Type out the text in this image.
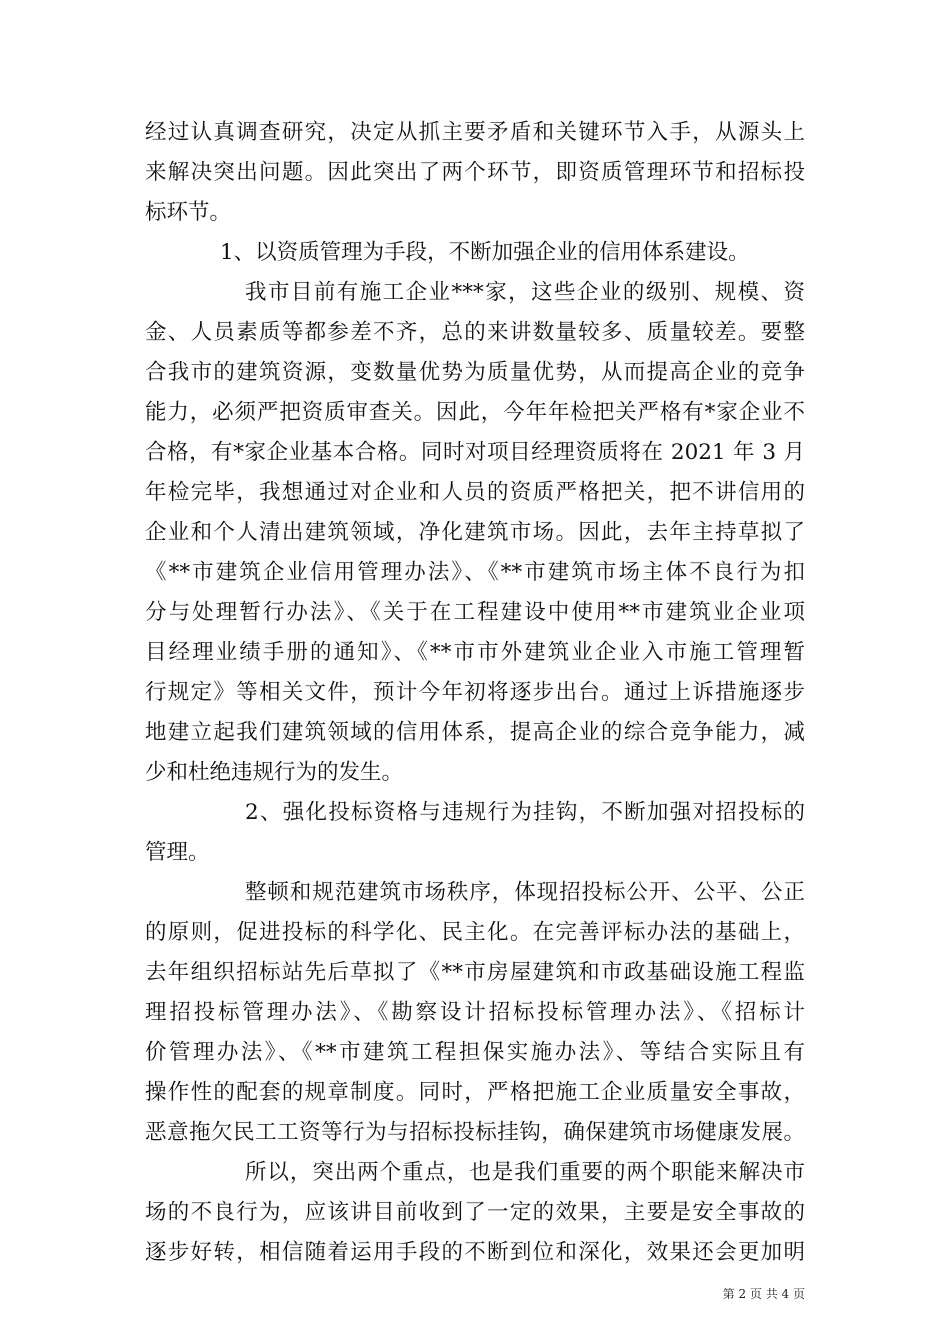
经过认真调查研究，决定从抓主要矛盾和关键环节入手，从源头上
来解决突出问题。因此突出了两个环节，即资质管理环节和招标投
标环节。
1、以资质管理为手段，不断加强企业的信用体系建设。
我市目前有施工企业***家，这些企业的级别、规模、资
金、人员素质等都参差不齐，总的来讲数量较多、质量较差。要整
合我市的建筑资源，变数量优势为质量优势，从而提高企业的竞争
能力，必须严把资质审查关。因此，今年年检把关严格有*家企业不
合格，有*家企业基本合格。同时对项目经理资质将在 2021 年 3 月
年检完毕，我想通过对企业和人员的资质严格把关，把不讲信用的
企业和个人清出建筑领域，净化建筑市场。因此，去年主持草拟了
《**市建筑企业信用管理办法》、《**市建筑市场主体不良行为扣
分与处理暂行办法》、《关于在工程建设中使用**市建筑业企业项
目经理业绩手册的通知》、《**市市外建筑业企业入市施工管理暂
行规定》等相关文件，预计今年初将逐步出台。通过上诉措施逐步
地建立起我们建筑领域的信用体系，提高企业的综合竞争能力，减
少和杜绝违规行为的发生。
2、强化投标资格与违规行为挂钩，不断加强对招投标的
管理。
整顿和规范建筑市场秩序，体现招投标公开、公平、公正
的原则，促进投标的科学化、民主化。在完善评标办法的基础上，
去年组织招标站先后草拟了《**市房屋建筑和市政基础设施工程监
理招投标管理办法》、《勘察设计招标投标管理办法》、《招标计
价管理办法》、《**市建筑工程担保实施办法》、等结合实际且有
操作性的配套的规章制度。同时，严格把施工企业质量安全事故，
恶意拖欠民工工资等行为与招标投标挂钩，确保建筑市场健康发展。
所以，突出两个重点，也是我们重要的两个职能来解决市
场的不良行为，应该讲目前收到了一定的效果，主要是安全事故的
逐步好转，相信随着运用手段的不断到位和深化，效果还会更加明
第 2 页 共 4 页
